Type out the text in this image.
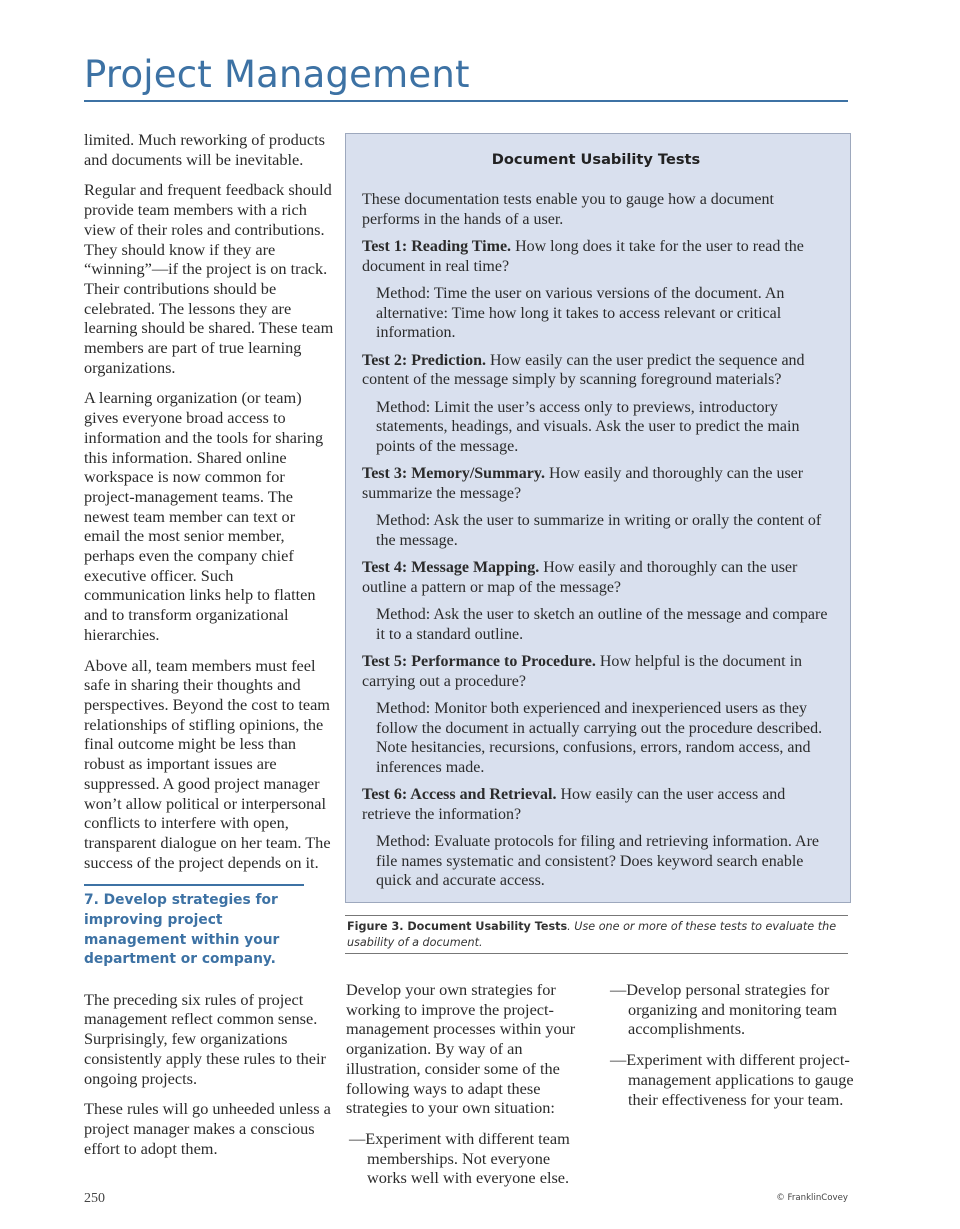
Project Management

limited. Much reworking of products and documents will be inevitable.

Regular and frequent feedback should provide team members with a rich view of their roles and contributions. They should know if they are “winning”—if the project is on track. Their contributions should be celebrated. The lessons they are learning should be shared. These team members are part of true learning organizations.

A learning organization (or team) gives everyone broad access to information and the tools for sharing this information. Shared online workspace is now common for project-management teams. The newest team member can text or email the most senior member, perhaps even the company chief executive officer. Such communication links help to flatten and to transform organizational hierarchies.

Above all, team members must feel safe in sharing their thoughts and perspectives. Beyond the cost to team relationships of stifling opinions, the final outcome might be less than robust as important issues are suppressed. A good project manager won’t allow political or interpersonal conflicts to interfere with open, transparent dialogue on her team. The success of the project depends on it.

7. Develop strategies for improving project management within your department or company.

The preceding six rules of project management reflect common sense. Surprisingly, few organizations consistently apply these rules to their ongoing projects.

These rules will go unheeded unless a project manager makes a conscious effort to adopt them.

Document Usability Tests

These documentation tests enable you to gauge how a document performs in the hands of a user.

Test 1: Reading Time. How long does it take for the user to read the document in real time?

Method: Time the user on various versions of the document. An alternative: Time how long it takes to access relevant or critical information.

Test 2: Prediction. How easily can the user predict the sequence and content of the message simply by scanning foreground materials?

Method: Limit the user’s access only to previews, introductory statements, headings, and visuals. Ask the user to predict the main points of the message.

Test 3: Memory/Summary. How easily and thoroughly can the user summarize the message?

Method: Ask the user to summarize in writing or orally the content of the message.

Test 4: Message Mapping. How easily and thoroughly can the user outline a pattern or map of the message?

Method: Ask the user to sketch an outline of the message and compare it to a standard outline.

Test 5: Performance to Procedure. How helpful is the document in carrying out a procedure?

Method: Monitor both experienced and inexperienced users as they follow the document in actually carrying out the procedure described. Note hesitancies, recursions, confusions, errors, random access, and inferences made.

Test 6: Access and Retrieval. How easily can the user access and retrieve the information?

Method: Evaluate protocols for filing and retrieving information. Are file names systematic and consistent? Does keyword search enable quick and accurate access.

Figure 3. Document Usability Tests. Use one or more of these tests to evaluate the usability of a document.

Develop your own strategies for working to improve the project-management processes within your organization. By way of an illustration, consider some of the following ways to adapt these strategies to your own situation:

—Experiment with different team memberships. Not everyone works well with everyone else.

—Develop personal strategies for organizing and monitoring team accomplishments.

—Experiment with different project-management applications to gauge their effectiveness for your team.

250	© FranklinCovey
